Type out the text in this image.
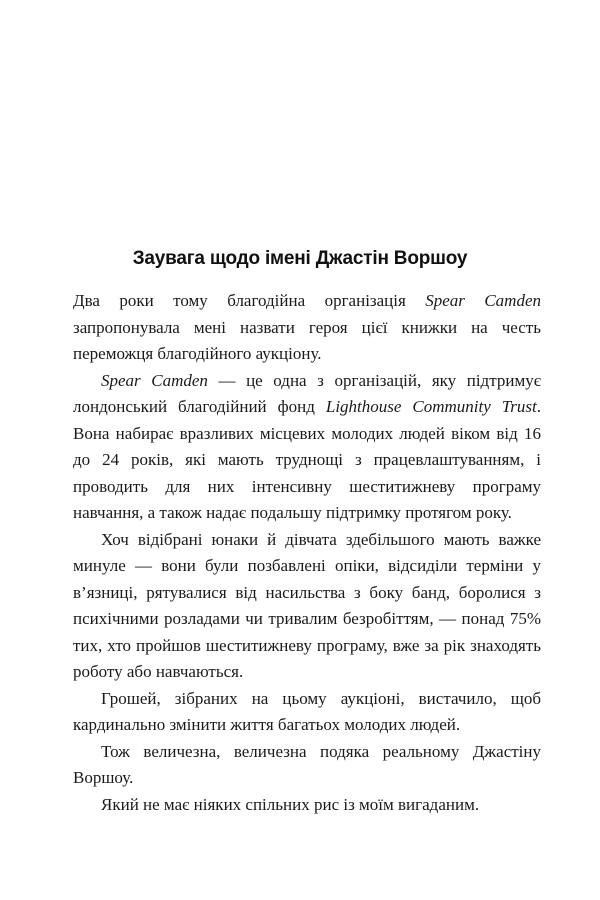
Заувага щодо імені Джастін Воршоу

Два роки тому благодійна організація Spear Camden запропонувала мені назвати героя цієї книжки на честь переможця благодійного аукціону.

Spear Camden — це одна з організацій, яку підтримує лондонський благодійний фонд Lighthouse Community Trust. Вона набирає вразливих місцевих молодих людей віком від 16 до 24 років, які мають труднощі з працевлаштуванням, і проводить для них інтенсивну шеститижневу програму навчання, а також надає подальшу підтримку протягом року.

Хоч відібрані юнаки й дівчата здебільшого мають важке минуле — вони були позбавлені опіки, відсиділи терміни у в’язниці, рятувалися від насильства з боку банд, боролися з психічними розладами чи тривалим безробіттям, — понад 75% тих, хто пройшов шеститижневу програму, вже за рік знаходять роботу або навчаються.

Грошей, зібраних на цьому аукціоні, вистачило, щоб кардинально змінити життя багатьох молодих людей.

Тож величезна, величезна подяка реальному Джастіну Воршоу.

Який не має ніяких спільних рис із моїм вигаданим.
